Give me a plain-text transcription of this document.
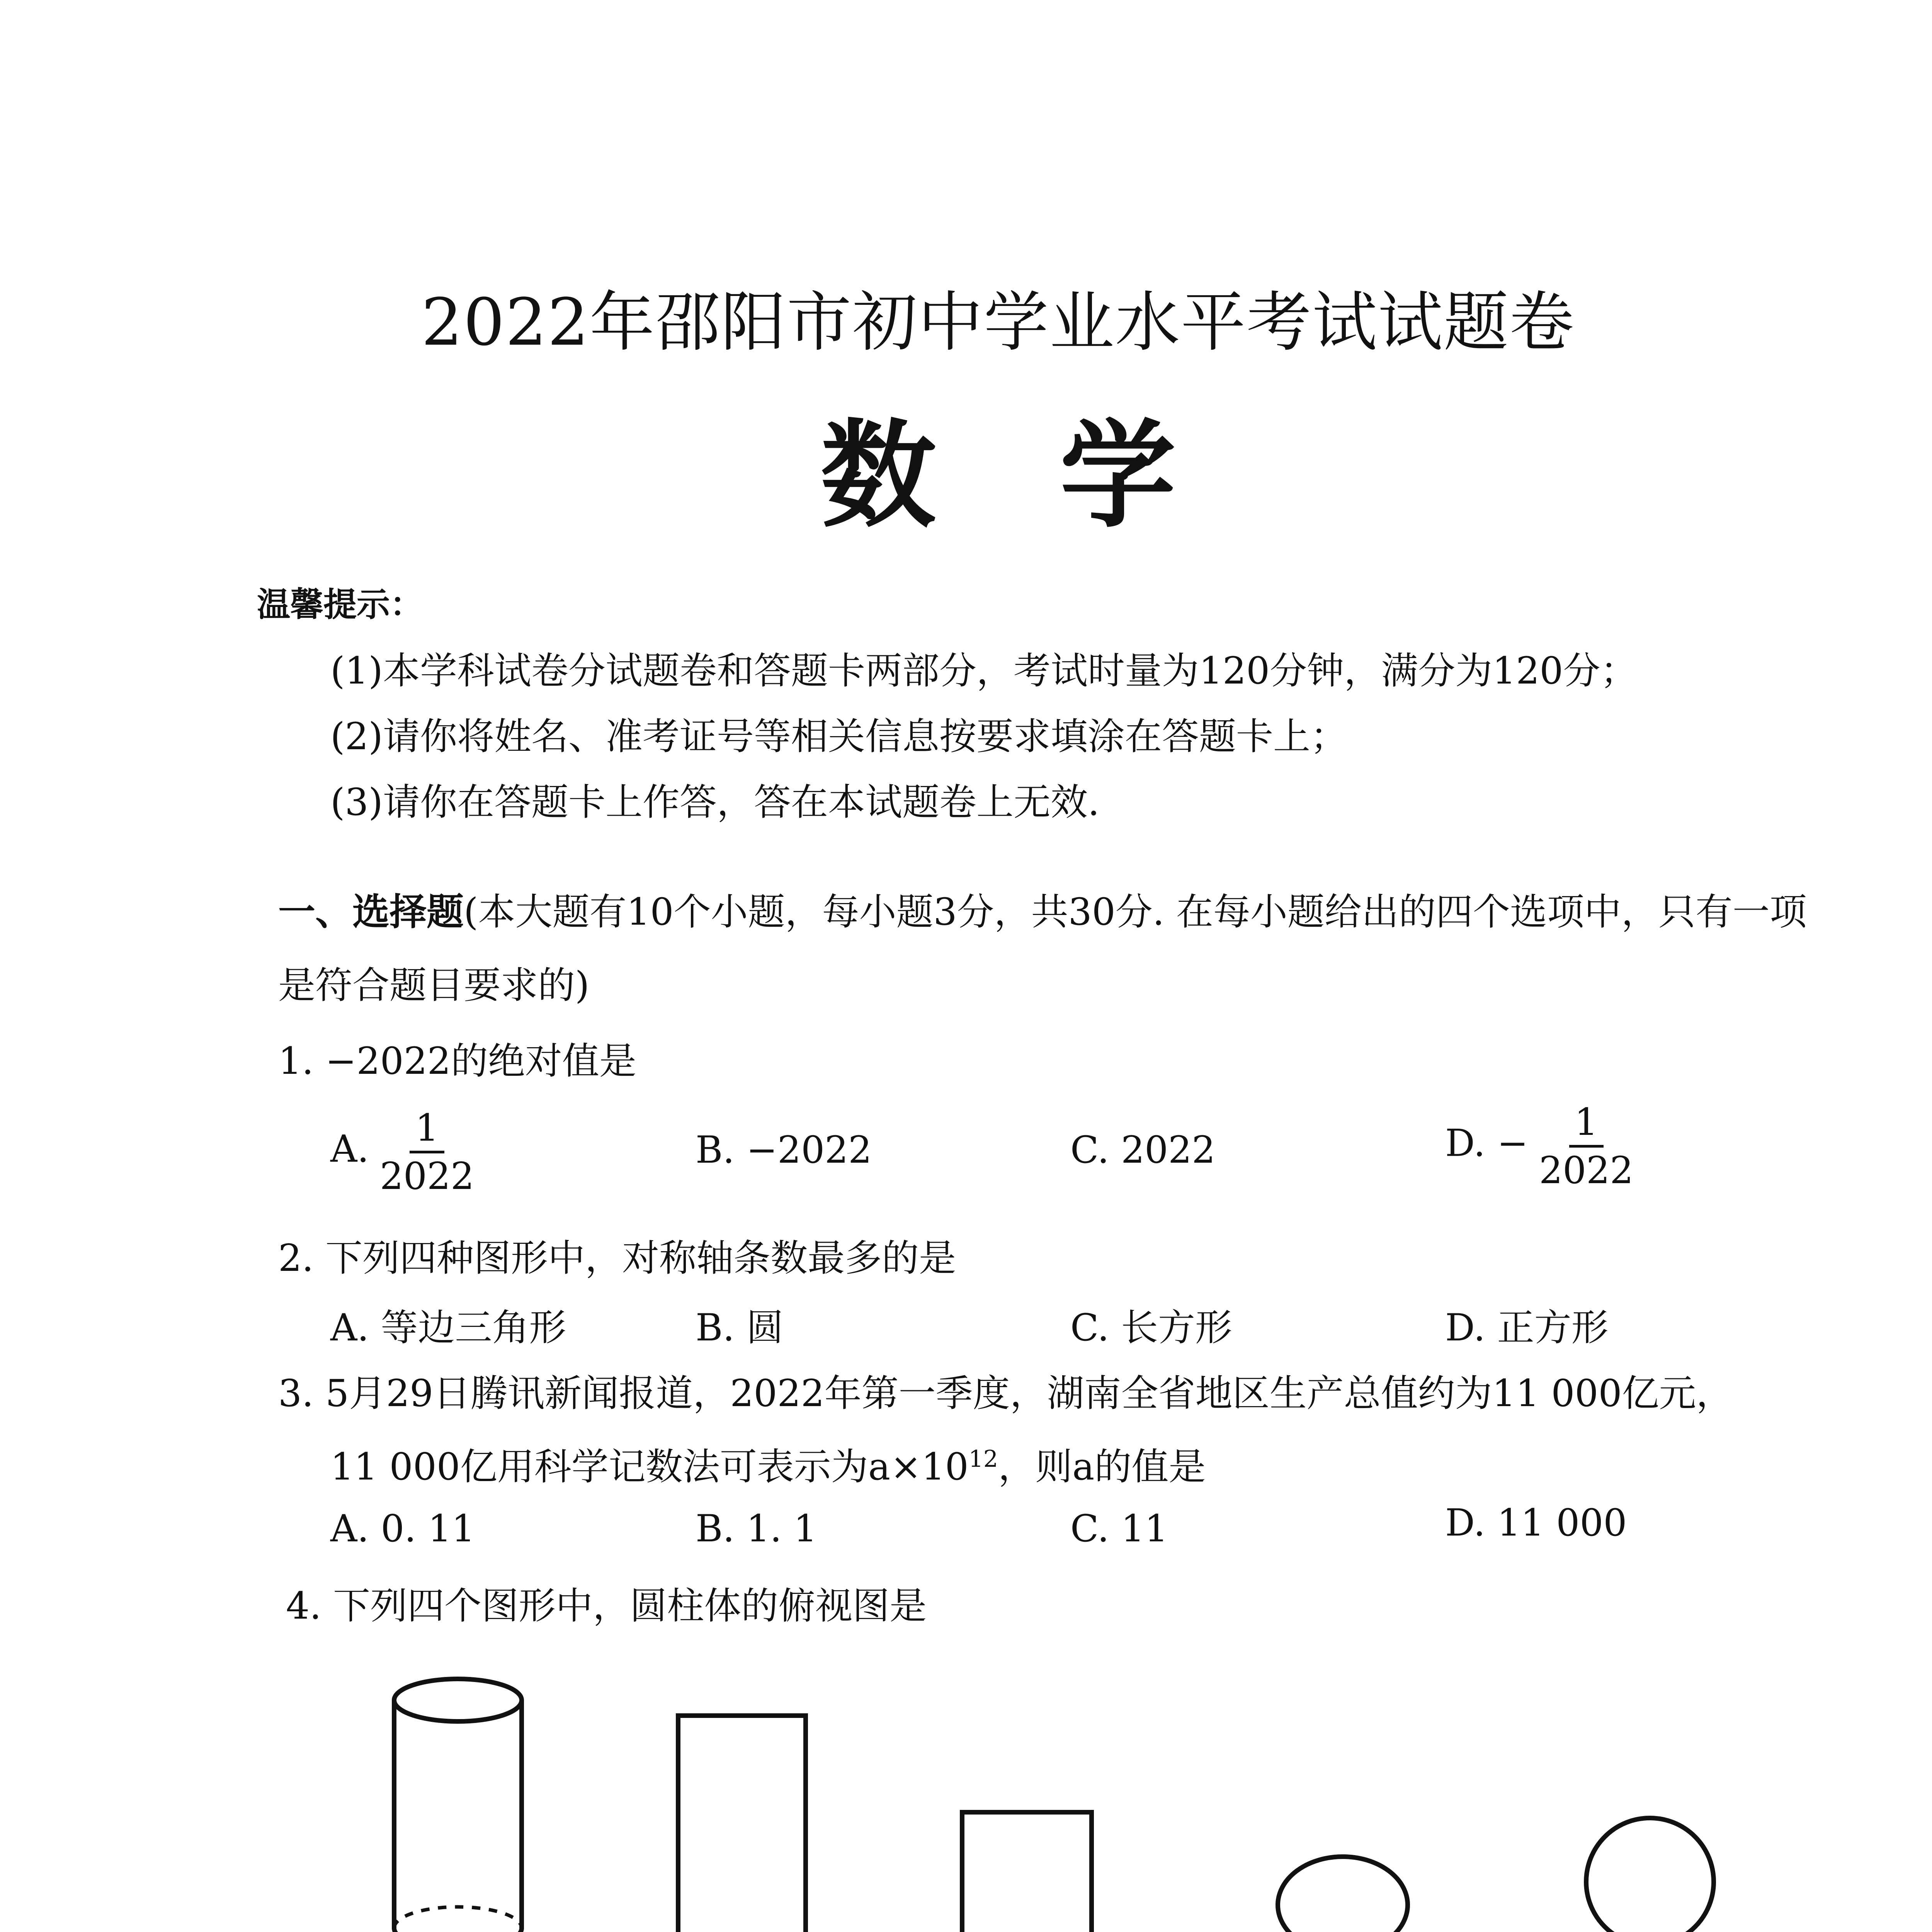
2022年邵阳市初中学业水平考试试题卷
数学
温馨提示：
(1)本学科试卷分试题卷和答题卡两部分，考试时量为120分钟，满分为120分；
(2)请你将姓名、准考证号等相关信息按要求填涂在答题卡上；
(3)请你在答题卡上作答，答在本试题卷上无效.
一、选择题(本大题有10个小题，每小题3分，共30分. 在每小题给出的四个选项中，只有一项是符合题目要求的)
1. −2022的绝对值是
A. $\frac{1}{2022}$	B. −2022	C. 2022	D. − $\frac{1}{2022}$
2. 下列四种图形中，对称轴条数最多的是
A. 等边三角形	B. 圆	C. 长方形	D. 正方形
3. 5月29日腾讯新闻报道，2022年第一季度，湖南全省地区生产总值约为11 000亿元，
11 000亿用科学记数法可表示为$a\times 10^{12}$，则a的值是
A. 0. 11	B. 1. 1	C. 11	D. 11 000
4. 下列四个图形中，圆柱体的俯视图是
